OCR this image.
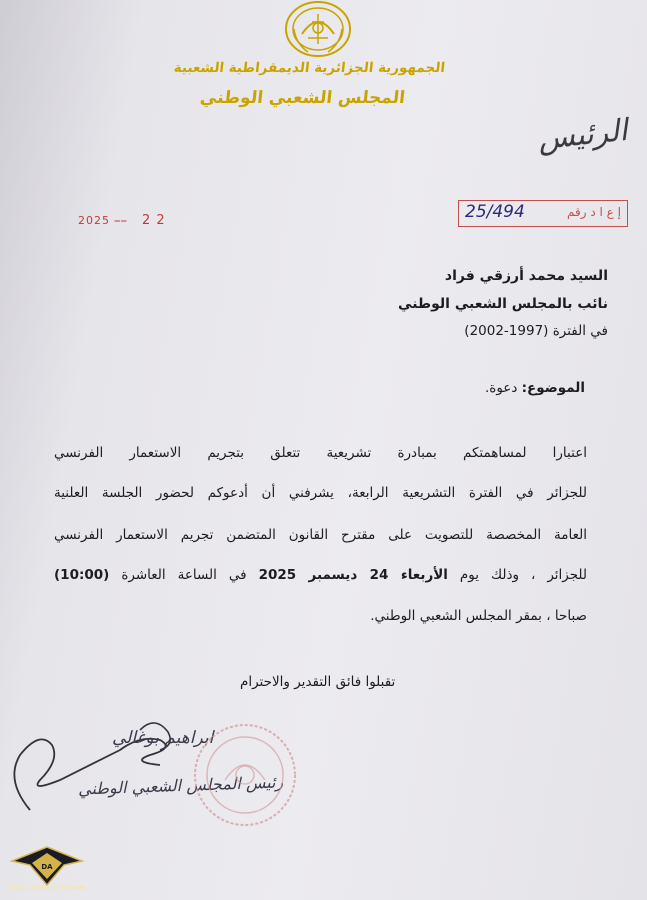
الجمهورية الجزائرية الديمقراطية الشعبية
المجلس الشعبي الوطني
الرئيس
2025 ⎯⎯ 2 2
إ ع ا د رقم
25/494
السيد محمد أرزقي فراد
نائب بالمجلس الشعبي الوطني
في الفترة (1997-2002)
الموضوع: دعوة.
اعتبارا لمساهمتكم بمبادرة تشريعية تتعلق بتجريم الاستعمار الفرنسي
للجزائر في الفترة التشريعية الرابعة، يشرفني أن أدعوكم لحضور الجلسة العلنية
العامة المخصصة للتصويت على مقترح القانون المتضمن تجريم الاستعمار الفرنسي
للجزائر ، وذلك يوم الأربعاء 24 ديسمبر 2025 في الساعة العاشرة (10:00)
صباحا ، بمقر المجلس الشعبي الوطني.
تقبلوا فائق التقدير والاحترام
ابراهيم بوغالي
رئيس المجلس الشعبي الوطني
DA
ARAB DEFENSE FORUM
